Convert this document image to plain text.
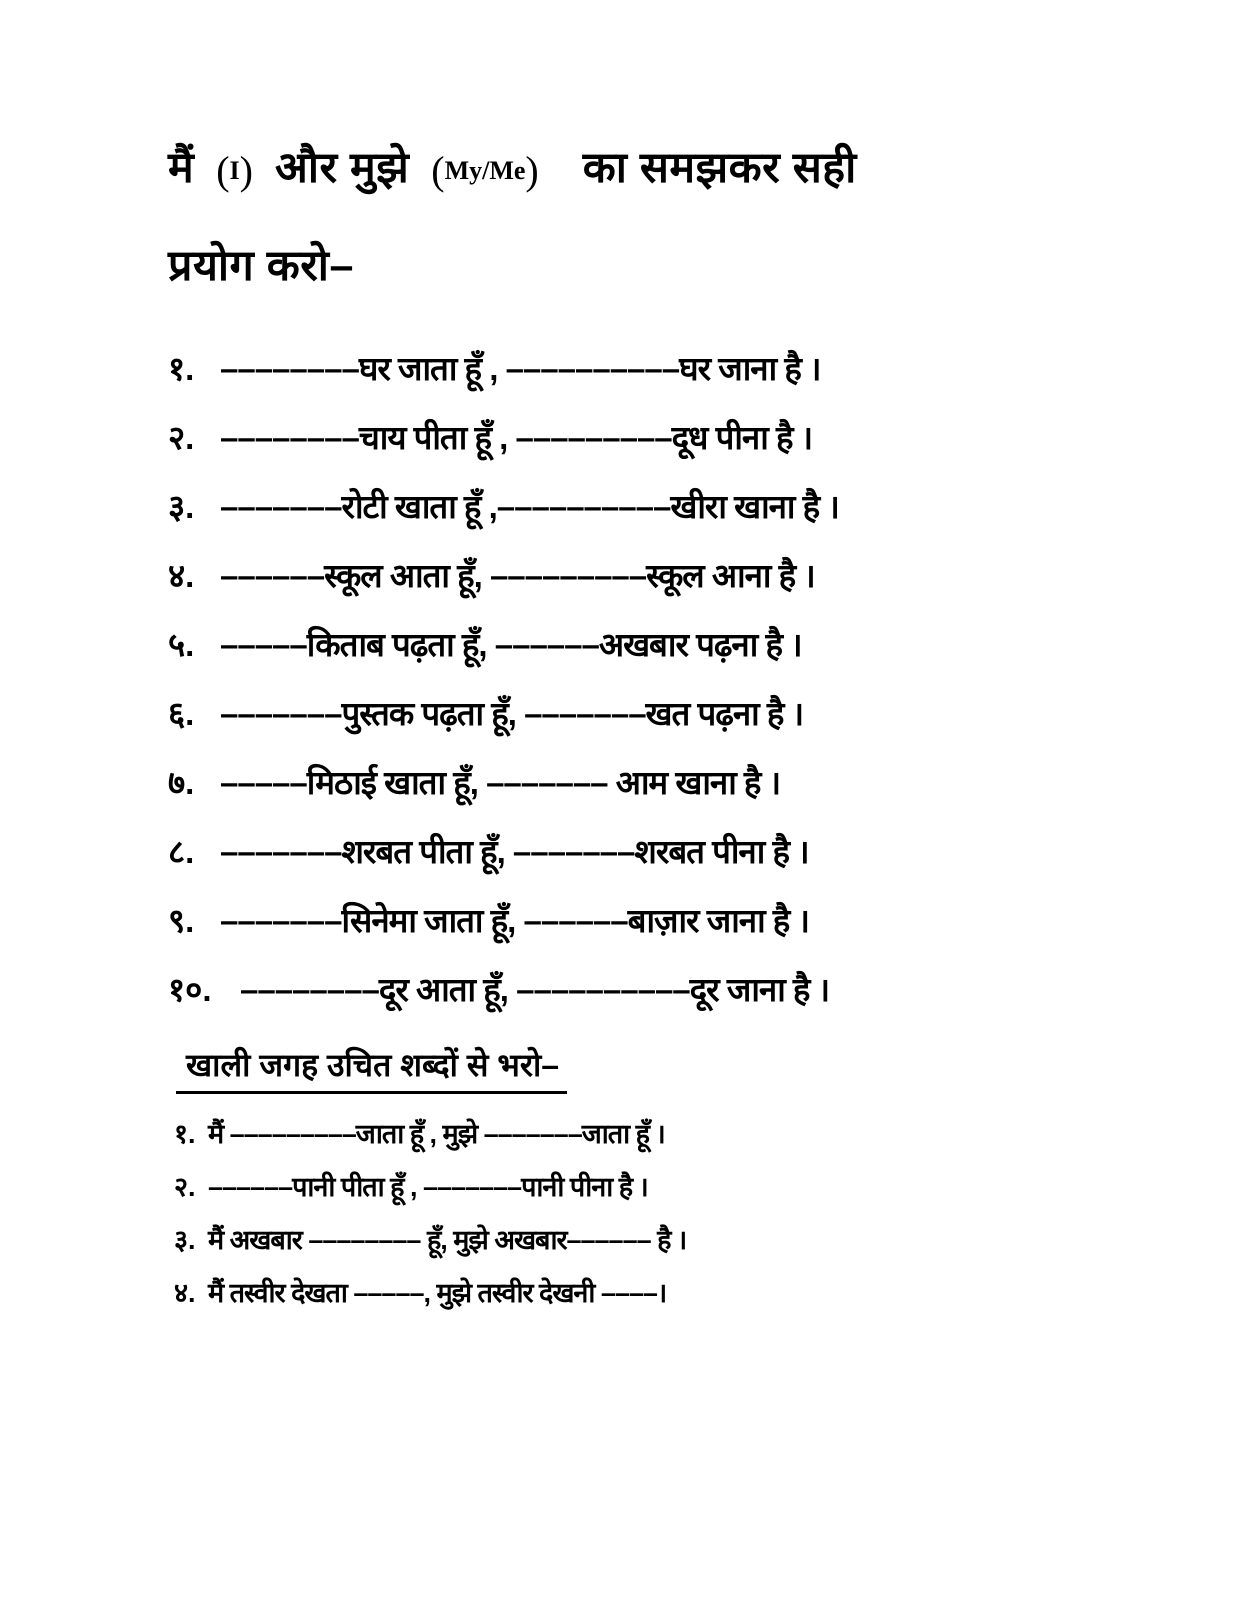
मैं (I) और मुझे (My/Me) का समझकर सही
प्रयोग करो–
१. ––––––––घर जाता हूँ , ––––––––––घर जाना है ।
२. ––––––––चाय पीता हूँ , –––––––––दूध पीना है ।
३. –––––––रोटी खाता हूँ ,––––––––––खीरा खाना है ।
४. ––––––स्कूल आता हूँ, –––––––––स्कूल आना है ।
५. –––––किताब पढ़ता हूँ, ––––––अखबार पढ़ना है ।
६. –––––––पुस्तक पढ़ता हूँ, –––––––खत पढ़ना है ।
७. –––––मिठाई खाता हूँ, ––––––– आम खाना है ।
८. –––––––शरबत पीता हूँ, –––––––शरबत पीना है ।
९. –––––––सिनेमा जाता हूँ, ––––––बाज़ार जाना है ।
१०. ––––––––दूर आता हूँ, ––––––––––दूर जाना है ।
खाली जगह उचित शब्दों से भरो–
१. मैं –––––––––जाता हूँ , मुझे –––––––जाता हूँ ।
२. ––––––पानी पीता हूँ , –––––––पानी पीना है ।
३. मैं अखबार –––––––– हूँ, मुझे अखबार–––––– है ।
४. मैं तस्वीर देखता –––––, मुझे तस्वीर देखनी ––––।
